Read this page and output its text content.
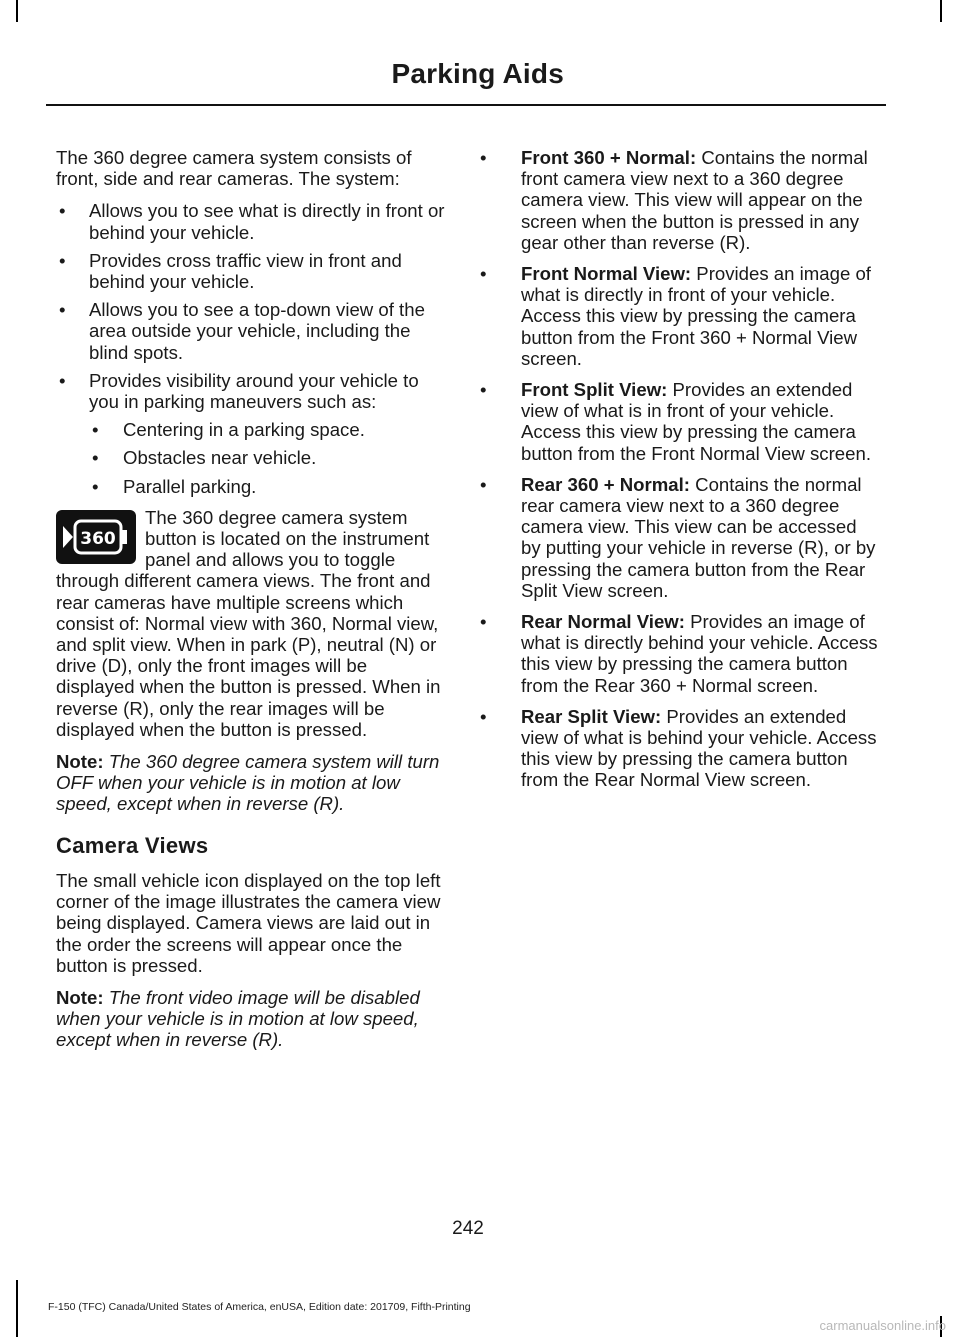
Parking Aids

The 360 degree camera system consists of front, side and rear cameras. The system:

• Allows you to see what is directly in front or behind your vehicle.
• Provides cross traffic view in front and behind your vehicle.
• Allows you to see a top-down view of the area outside your vehicle, including the blind spots.
• Provides visibility around your vehicle to you in parking maneuvers such as:
• Centering in a parking space.
• Obstacles near vehicle.
• Parallel parking.
360
The 360 degree camera system button is located on the instrument panel and allows you to toggle through different camera views. The front and rear cameras have multiple screens which consist of: Normal view with 360, Normal view, and split view. When in park (P), neutral (N) or drive (D), only the front images will be displayed when the button is pressed. When in reverse (R), only the rear images will be displayed when the button is pressed.

Note: The 360 degree camera system will turn OFF when your vehicle is in motion at low speed, except when in reverse (R).

Camera Views

The small vehicle icon displayed on the top left corner of the image illustrates the camera view being displayed. Camera views are laid out in the order the screens will appear once the button is pressed.

Note: The front video image will be disabled when your vehicle is in motion at low speed, except when in reverse (R).

• Front 360 + Normal: Contains the normal front camera view next to a 360 degree camera view. This view will appear on the screen when the button is pressed in any gear other than reverse (R).
• Front Normal View: Provides an image of what is directly in front of your vehicle. Access this view by pressing the camera button from the Front 360 + Normal View screen.
• Front Split View: Provides an extended view of what is in front of your vehicle. Access this view by pressing the camera button from the Front Normal View screen.
• Rear 360 + Normal: Contains the normal rear camera view next to a 360 degree camera view. This view can be accessed by putting your vehicle in reverse (R), or by pressing the camera button from the Rear Split View screen.
• Rear Normal View: Provides an image of what is directly behind your vehicle. Access this view by pressing the camera button from the Rear 360 + Normal screen.
• Rear Split View: Provides an extended view of what is behind your vehicle. Access this view by pressing the camera button from the Rear Normal View screen.
242
F-150 (TFC) Canada/United States of America, enUSA, Edition date: 201709, Fifth-Printing
carmanualsonline.info
